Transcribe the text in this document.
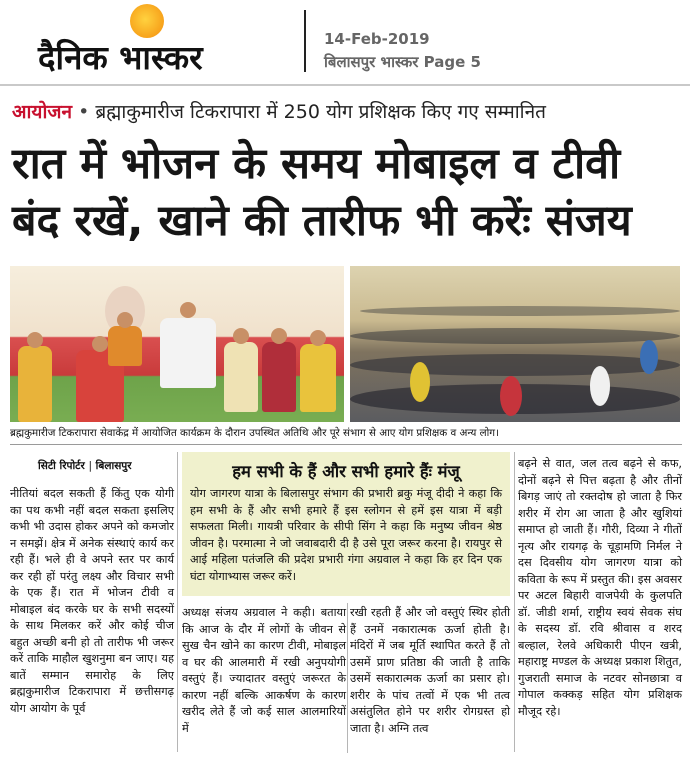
दैनिक भास्कर	14-Feb-2019
बिलासपुर भास्कर Page 5
आयोजन • ब्रह्माकुमारीज टिकरापारा में 250 योग प्रशिक्षक किए गए सम्मानित
रात में भोजन के समय मोबाइल व टीवी
बंद रखें, खाने की तारीफ भी करेंः संजय
ब्रह्मकुमारीज टिकरापारा सेवाकेंद्र में आयोजित कार्यक्रम के दौरान उपस्थित अतिथि और पूरे संभाग से आए योग प्रशिक्षक व अन्य लोग।
सिटी रिपोर्टर | बिलासपुर

नीतियां बदल सकती हैं किंतु एक योगी का पथ कभी नहीं बदल सकता इसलिए कभी भी उदास होकर अपने को कमजोर न समझें। क्षेत्र में अनेक संस्थाएं कार्य कर रही हैं। भले ही वे अपने स्तर पर कार्य कर रही हों परंतु लक्ष्य और विचार सभी के एक हैं। रात में भोजन टीवी व मोबाइल बंद करके घर के सभी सदस्यों के साथ मिलकर करें और कोई चीज बहुत अच्छी बनी हो तो तारीफ भी जरूर करें ताकि माहौल खुशनुमा बन जाए। यह बातें सम्मान समारोह के लिए ब्रह्मकुमारीज टिकरापारा में छत्तीसगढ़ योग आयोग के पूर्व

हम सभी के हैं और सभी हमारे हैंः मंजू
योग जागरण यात्रा के बिलासपुर संभाग की प्रभारी ब्रकु मंजू दीदी ने कहा कि हम सभी के हैं और सभी हमारे हैं इस स्लोगन से हमें इस यात्रा में बड़ी सफलता मिली। गायत्री परिवार के सीपी सिंग ने कहा कि मनुष्य जीवन श्रेष्ठ जीवन है। परमात्मा ने जो जवाबदारी दी है उसे पूरा जरूर करना है। रायपुर से आई महिला पतंजलि की प्रदेश प्रभारी गंगा अग्रवाल ने कहा कि हर दिन एक घंटा योगाभ्यास जरूर करें।

अध्यक्ष संजय अग्रवाल ने कही। बताया कि आज के दौर में लोगों के जीवन से सुख चैन खोने का कारण टीवी, मोबाइल व घर की आलमारी में रखी अनुपयोगी वस्तुएं हैं। ज्यादातर वस्तुएं जरूरत के कारण नहीं बल्कि आकर्षण के कारण खरीद लेते हैं जो कई साल आलमारियों में

रखी रहती हैं और जो वस्तुएं स्थिर होती हैं उनमें नकारात्मक ऊर्जा होती है। मंदिरों में जब मूर्ति स्थापित करते हैं तो उसमें प्राण प्रतिष्ठा की जाती है ताकि उसमें सकारात्मक ऊर्जा का प्रसार हो। शरीर के पांच तत्वों में एक भी तत्व असंतुलित होने पर शरीर रोगग्रस्त हो जाता है। अग्नि तत्व

बढ़ने से वात, जल तत्व बढ़ने से कफ, दोनों बढ़ने से पित्त बढ़ता है और तीनों बिगड़ जाएं तो रक्तदोष हो जाता है फिर शरीर में रोग आ जाता है और खुशियां समाप्त हो जाती हैं। गौरी, दिव्या ने गीतों नृत्य और रायगढ़ के चूड़ामणि निर्मल ने दस दिवसीय योग जागरण यात्रा को कविता के रूप में प्रस्तुत की। इस अवसर पर अटल बिहारी वाजपेयी के कुलपति डॉ. जीडी शर्मा, राष्ट्रीय स्वयं सेवक संघ के सदस्य डॉ. रवि श्रीवास व शरद बल्हाल, रेलवे अधिकारी पीएन खत्री, महाराष्ट्र मण्डल के अध्यक्ष प्रकाश शितुत, गुजराती समाज के नटवर सोनछात्रा व गोपाल कक्कड़ सहित योग प्रशिक्षक मौजूद रहे।
